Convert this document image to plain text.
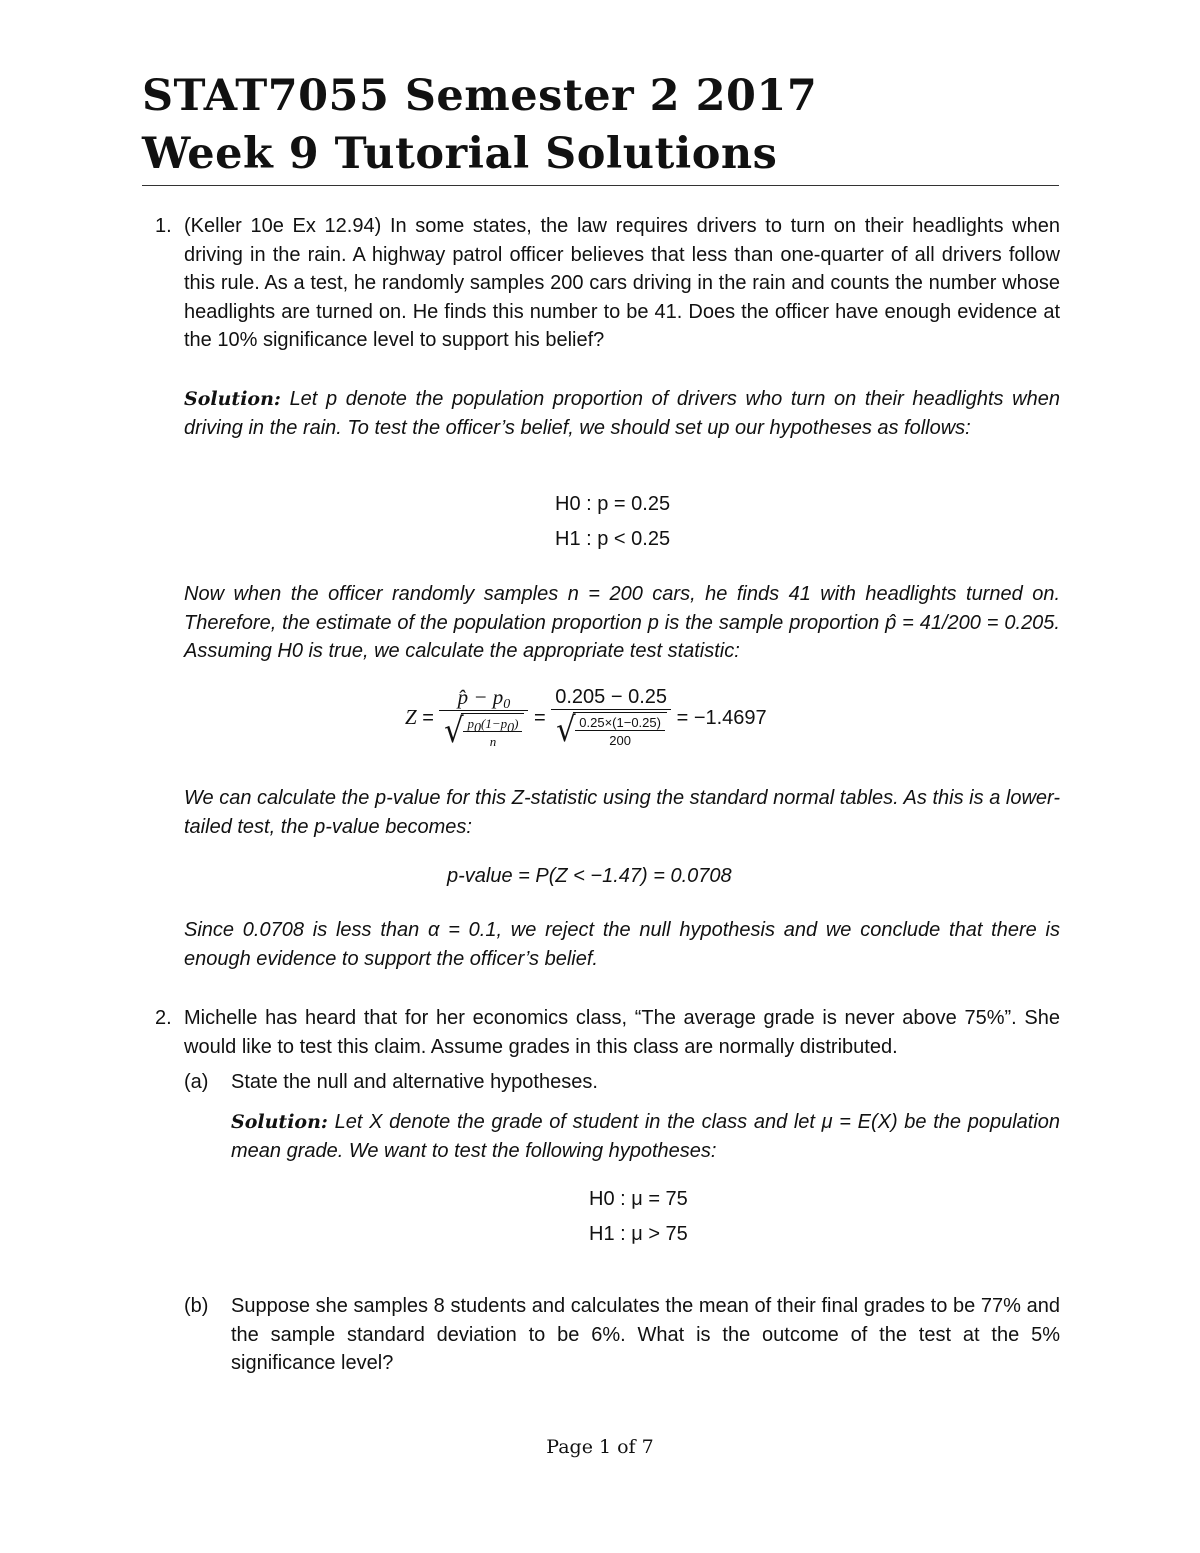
STAT7055 Semester 2 2017
Week 9 Tutorial Solutions
1. (Keller 10e Ex 12.94) In some states, the law requires drivers to turn on their headlights when driving in the rain. A highway patrol officer believes that less than one-quarter of all drivers follow this rule. As a test, he randomly samples 200 cars driving in the rain and counts the number whose headlights are turned on. He finds this number to be 41. Does the officer have enough evidence at the 10% significance level to support his belief?

Solution: Let p denote the population proportion of drivers who turn on their headlights when driving in the rain. To test the officer’s belief, we should set up our hypotheses as follows:

H0 : p = 0.25
H1 : p < 0.25

Now when the officer randomly samples n = 200 cars, he finds 41 with headlights turned on. Therefore, the estimate of the population proportion p is the sample proportion p̂ = 41/200 = 0.205. Assuming H0 is true, we calculate the appropriate test statistic:

Z = p̂ − $p_0$
√
$\frac{p_0(1-p_0)}{n} = 0.205 - 0.25$
√
$\frac{0.25\times(1-0.25)}{200} = -1.4697$

We can calculate the p-value for this Z-statistic using the standard normal tables. As this is a lower-tailed test, the p-value becomes:

p-value = P(Z < −1.47) = 0.0708

Since 0.0708 is less than α = 0.1, we reject the null hypothesis and we conclude that there is enough evidence to support the officer’s belief.

2. Michelle has heard that for her economics class, “The average grade is never above 75%”. She would like to test this claim. Assume grades in this class are normally distributed.

(a) State the null and alternative hypotheses.

Solution: Let X denote the grade of student in the class and let μ = E(X) be the population mean grade. We want to test the following hypotheses:

H0 : μ = 75
H1 : μ > 75
(b) Suppose she samples 8 students and calculates the mean of their final grades to be 77% and the sample standard deviation to be 6%. What is the outcome of the test at the 5% significance level?

Page 1 of 7
